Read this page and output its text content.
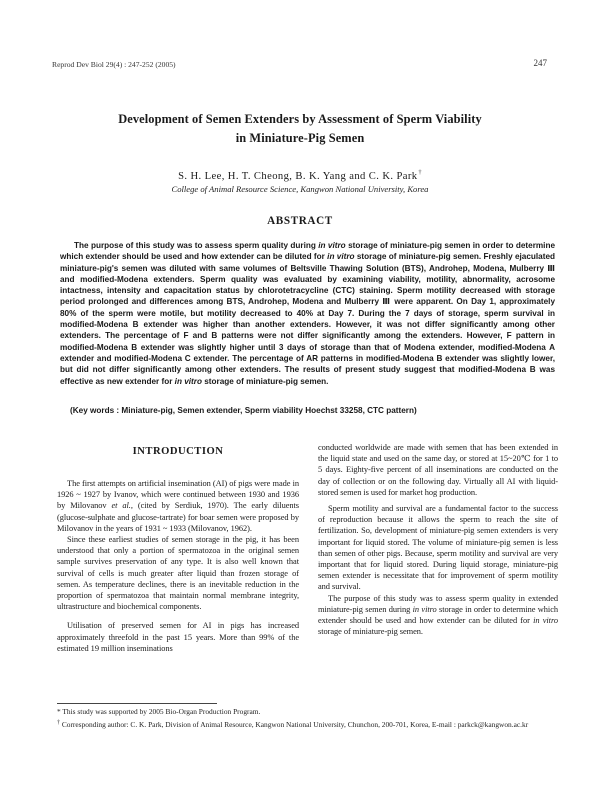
Reprod Dev Biol 29(4) : 247-252 (2005)	247
Development of Semen Extenders by Assessment of Sperm Viability
in Miniature-Pig Semen
S. H. Lee, H. T. Cheong, B. K. Yang and C. K. Park†
College of Animal Resource Science, Kangwon National University, Korea
ABSTRACT

The purpose of this study was to assess sperm quality during in vitro storage of miniature-pig semen in order to determine which extender should be used and how extender can be diluted for in vitro storage of miniature-pig semen. Freshly ejaculated miniature-pig's semen was diluted with same volumes of Beltsville Thawing Solution (BTS), Androhep, Modena, Mulberry Ⅲ and modified-Modena extenders. Sperm quality was evaluated by examining viability, motility, abnormality, acrosome intactness, intensity and capacitation status by chlorotetracycline (CTC) staining. Sperm motility decreased with storage period prolonged and differences among BTS, Androhep, Modena and Mulberry Ⅲ were apparent. On Day 1, approximately 80% of the sperm were motile, but motility decreased to 40% at Day 7. During the 7 days of storage, sperm survival in modified-Modena B extender was higher than another extenders. However, it was not differ significantly among other extenders. The percentage of F and B patterns were not differ significantly among the extenders. However, F pattern in modified-Modena B extender was slightly higher until 3 days of storage than that of Modena extender, modified-Modena A extender and modified-Modena C extender. The percentage of AR patterns in modified-Modena B extender was slightly lower, but did not differ significantly among other extenders. The results of present study suggest that modified-Modena B was effective as new extender for in vitro storage of miniature-pig semen.

(Key words : Miniature-pig, Semen extender, Sperm viability Hoechst 33258, CTC pattern)
INTRODUCTION

The first attempts on artificial insemination (AI) of pigs were made in 1926 ~ 1927 by Ivanov, which were continued between 1930 and 1936 by Milovanov et al., (cited by Serdiuk, 1970). The early diluents (glucose-sulphate and glucose-tartrate) for boar semen were proposed by Milovanov in the years of 1931 ~ 1933 (Milovanov, 1962).

Since these earliest studies of semen storage in the pig, it has been understood that only a portion of spermatozoa in the original semen sample survives preservation of any type. It is also well known that survival of cells is much greater after liquid than frozen storage of semen. As temperature declines, there is an inevitable reduction in the proportion of spermatozoa that maintain normal membrane integrity, ultrastructure and biochemical components.

Utilisation of preserved semen for AI in pigs has increased approximately threefold in the past 15 years. More than 99% of the estimated 19 million inseminations

conducted worldwide are made with semen that has been extended in the liquid state and used on the same day, or stored at 15~20℃ for 1 to 5 days. Eighty-five percent of all inseminations are conducted on the day of collection or on the following day. Virtually all AI with liquid-stored semen is used for market hog production.

Sperm motility and survival are a fundamental factor to the success of reproduction because it allows the sperm to reach the site of fertilization. So, development of miniature-pig semen extenders is very important for liquid stored. The volume of miniature-pig semen is less than semen of other pigs. Because, sperm motility and survival are very important that for liquid stored. During liquid storage, miniature-pig semen extender is necessitate that for improvement of sperm motility and survival.

The purpose of this study was to assess sperm quality in extended miniature-pig semen during in vitro storage in order to determine which extender should be used and how extender can be diluted for in vitro storage of miniature-pig semen.

* This study was supported by 2005 Bio-Organ Production Program.
† Corresponding author: C. K. Park, Division of Animal Resource, Kangwon National University, Chunchon, 200-701, Korea, E-mail : parkck@kangwon.ac.kr
